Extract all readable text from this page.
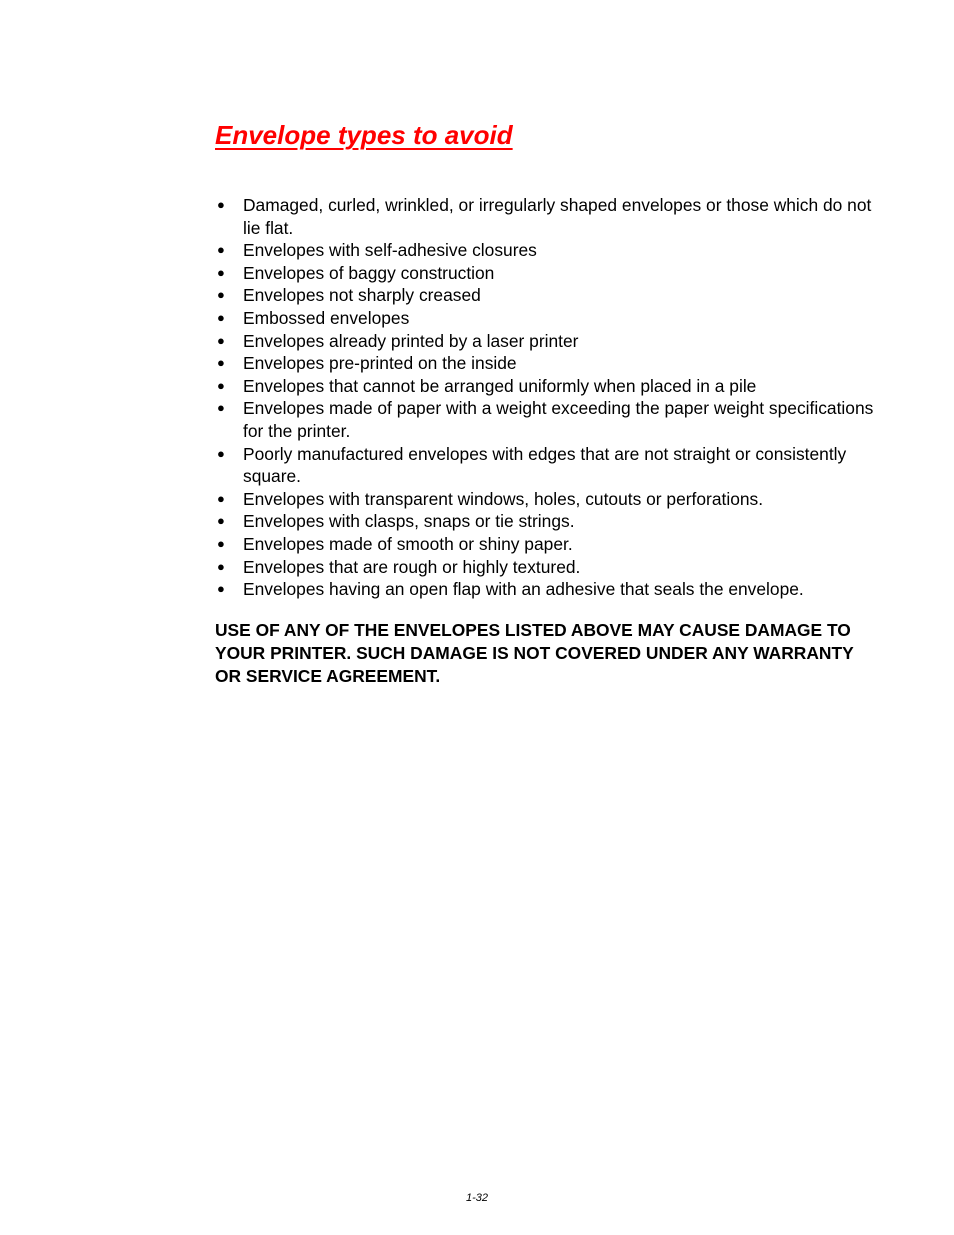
Envelope types to avoid
● Damaged, curled, wrinkled, or irregularly shaped envelopes or those which do not lie flat.
● Envelopes with self-adhesive closures
● Envelopes of baggy construction
● Envelopes not sharply creased
● Embossed envelopes
● Envelopes already printed by a laser printer
● Envelopes pre-printed on the inside
● Envelopes that cannot be arranged uniformly when placed in a pile
● Envelopes made of paper with a weight exceeding the paper weight specifications for the printer.
● Poorly manufactured envelopes with edges that are not straight or consistently square.
● Envelopes with transparent windows, holes, cutouts or perforations.
● Envelopes with clasps, snaps or tie strings.
● Envelopes made of smooth or shiny paper.
● Envelopes that are rough or highly textured.
● Envelopes having an open flap with an adhesive that seals the envelope.

USE OF ANY OF THE ENVELOPES LISTED ABOVE MAY CAUSE DAMAGE TO YOUR PRINTER. SUCH DAMAGE IS NOT COVERED UNDER ANY WARRANTY OR SERVICE AGREEMENT.

1-32
